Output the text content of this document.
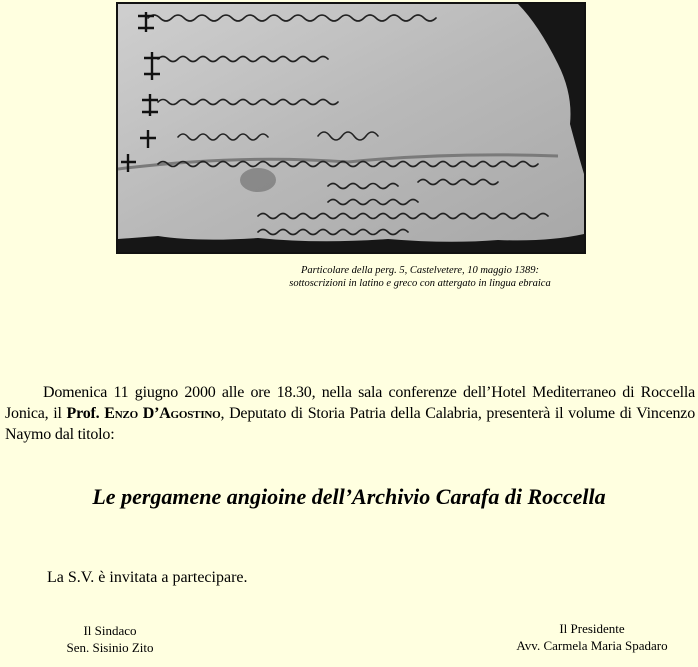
Particolare della perg. 5, Castelvetere, 10 maggio 1389:
sottoscrizioni in latino e greco con attergato in lingua ebraica
Domenica 11 giugno 2000 alle ore 18.30, nella sala conferenze dell’Hotel Mediterraneo di Roccella Jonica, il Prof. Enzo D’Agostino, Deputato di Storia Patria della Calabria, presenterà il volume di Vincenzo Naymo dal titolo:
Le pergamene angioine dell’Archivio Carafa di Roccella
La S.V. è invitata a partecipare.
Il Sindaco
Sen. Sisinio Zito
Il Presidente
Avv. Carmela Maria Spadaro
